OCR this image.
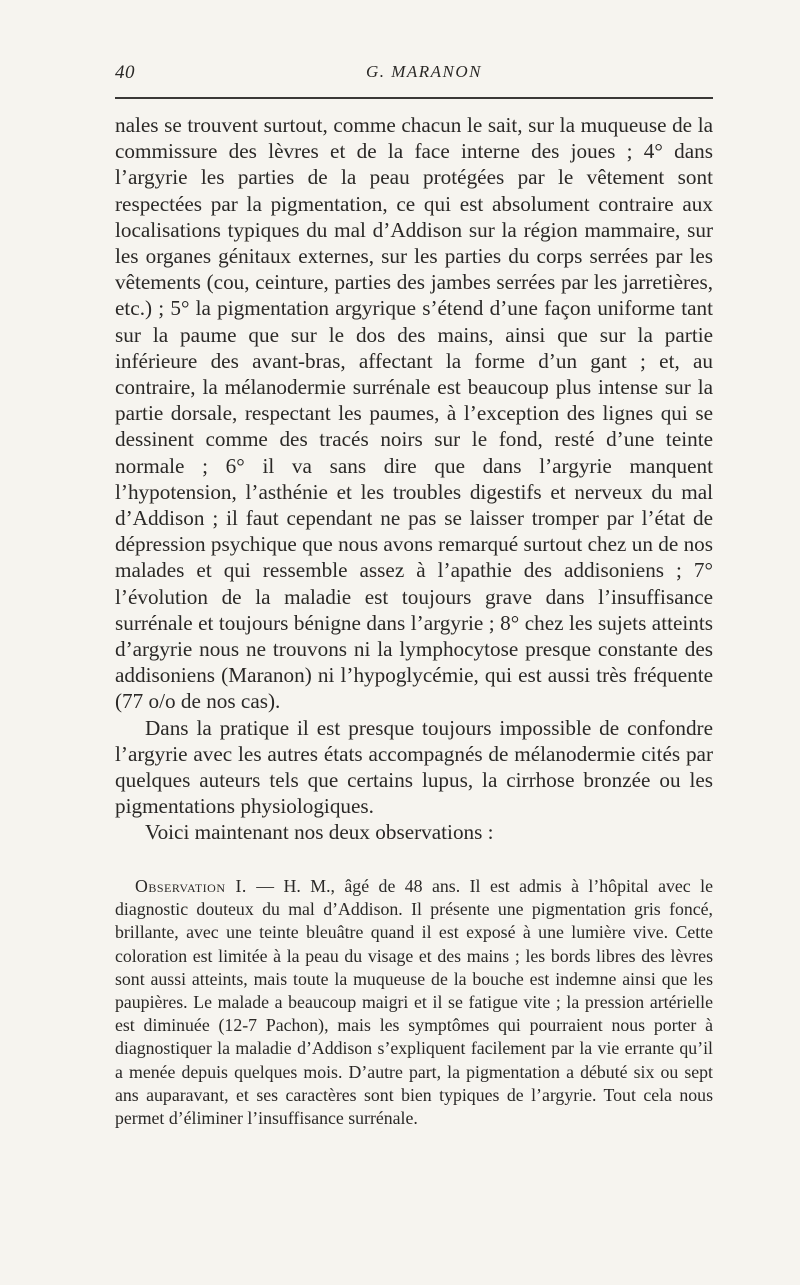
40	G. MARANON

nales se trouvent surtout, comme chacun le sait, sur la muqueuse de la commissure des lèvres et de la face interne des joues ; 4° dans l’argyrie les parties de la peau protégées par le vêtement sont respectées par la pigmentation, ce qui est absolument contraire aux localisations typiques du mal d’Addison sur la région mammaire, sur les organes génitaux externes, sur les parties du corps serrées par les vêtements (cou, ceinture, parties des jambes serrées par les jarretières, etc.) ; 5° la pigmentation argyrique s’étend d’une façon uniforme tant sur la paume que sur le dos des mains, ainsi que sur la partie inférieure des avant-bras, affectant la forme d’un gant ; et, au contraire, la mélanodermie surrénale est beaucoup plus intense sur la partie dorsale, respectant les paumes, à l’exception des lignes qui se dessinent comme des tracés noirs sur le fond, resté d’une teinte normale ; 6° il va sans dire que dans l’argyrie manquent l’hypotension, l’asthénie et les troubles digestifs et nerveux du mal d’Addison ; il faut cependant ne pas se laisser tromper par l’état de dépression psychique que nous avons remarqué surtout chez un de nos malades et qui ressemble assez à l’apathie des addisoniens ; 7° l’évolution de la maladie est toujours grave dans l’insuffisance surrénale et toujours bénigne dans l’argyrie ; 8° chez les sujets atteints d’argyrie nous ne trouvons ni la lymphocytose presque constante des addisoniens (Maranon) ni l’hypoglycémie, qui est aussi très fréquente (77 o/o de nos cas).

Dans la pratique il est presque toujours impossible de confondre l’argyrie avec les autres états accompagnés de mélanodermie cités par quelques auteurs tels que certains lupus, la cirrhose bronzée ou les pigmentations physiologiques.

Voici maintenant nos deux observations :

Observation I. — H. M., âgé de 48 ans. Il est admis à l’hôpital avec le diagnostic douteux du mal d’Addison. Il présente une pigmentation gris foncé, brillante, avec une teinte bleuâtre quand il est exposé à une lumière vive. Cette coloration est limitée à la peau du visage et des mains ; les bords libres des lèvres sont aussi atteints, mais toute la muqueuse de la bouche est indemne ainsi que les paupières. Le malade a beaucoup maigri et il se fatigue vite ; la pression artérielle est diminuée (12-7 Pachon), mais les symptômes qui pourraient nous porter à diagnostiquer la maladie d’Addison s’expliquent facilement par la vie errante qu’il a menée depuis quelques mois. D’autre part, la pigmentation a débuté six ou sept ans auparavant, et ses caractères sont bien typiques de l’argyrie. Tout cela nous permet d’éliminer l’insuffisance surrénale.
